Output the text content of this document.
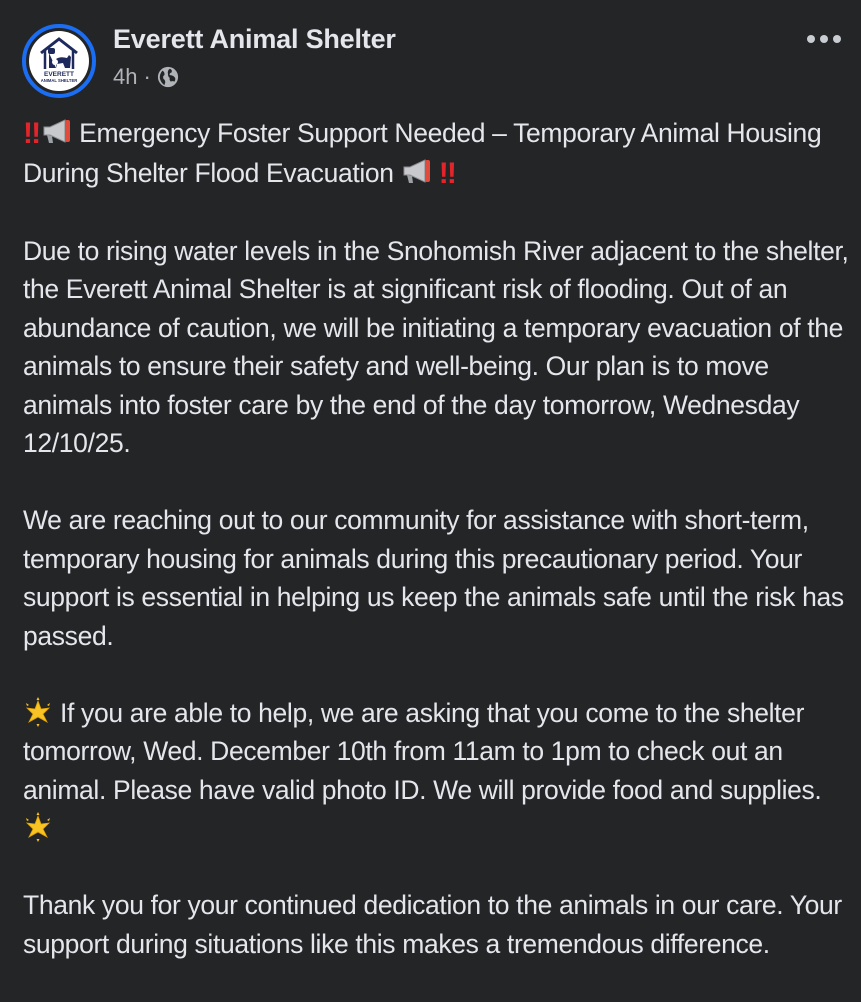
EVERETT
ANIMAL SHELTER
Everett Animal Shelter
4h ·

‼ Emergency Foster Support Needed – Temporary Animal Housing During Shelter Flood Evacuation ‼

Due to rising water levels in the Snohomish River adjacent to the shelter, the Everett Animal Shelter is at significant risk of flooding. Out of an abundance of caution, we will be initiating a temporary evacuation of the animals to ensure their safety and well-being. Our plan is to move animals into foster care by the end of the day tomorrow, Wednesday 12/10/25.

We are reaching out to our community for assistance with short-term, temporary housing for animals during this precautionary period. Your support is essential in helping us keep the animals safe until the risk has passed.

If you are able to help, we are asking that you come to the shelter tomorrow, Wed. December 10th from 11am to 1pm to check out an animal. Please have valid photo ID. We will provide food and supplies.

Thank you for your continued dedication to the animals in our care. Your support during situations like this makes a tremendous difference.
